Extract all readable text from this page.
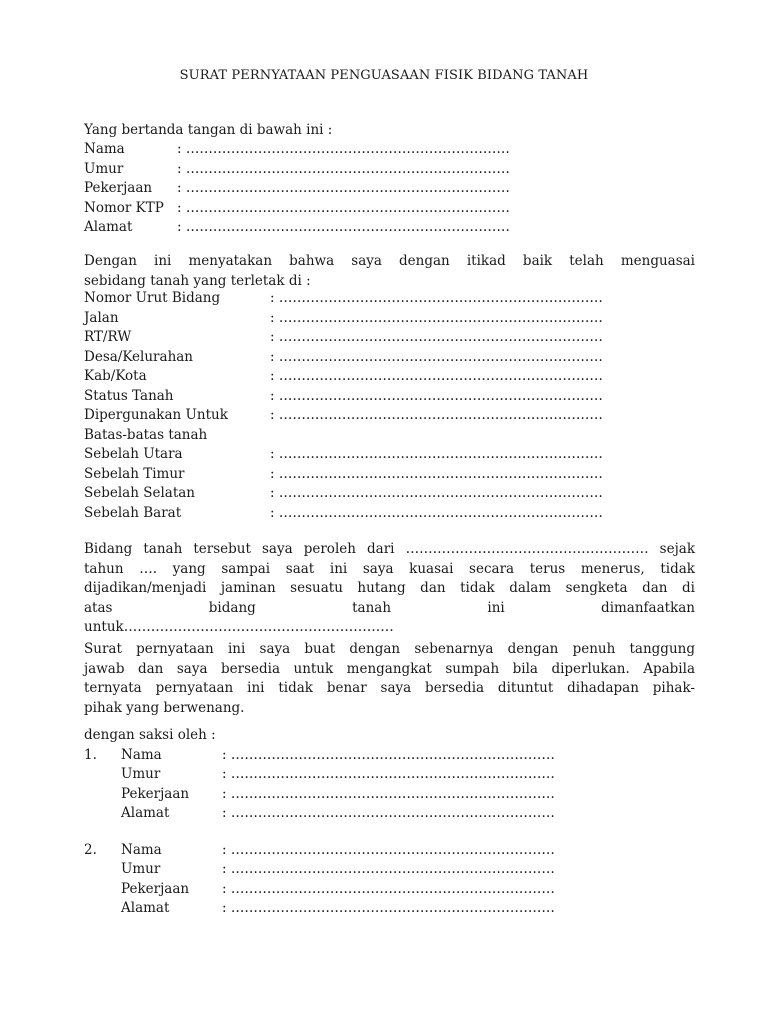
SURAT PERNYATAAN PENGUASAAN FISIK BIDANG TANAH
Yang bertanda tangan di bawah ini :
Nama	: ………………………………………………………………
Umur	: ………………………………………………………………
Pekerjaan : ………………………………………………………………
Nomor KTP : ………………………………………………………………
Alamat	: ………………………………………………………………
Dengan ini menyatakan bahwa saya dengan itikad baik telah menguasai
sebidang tanah yang terletak di :
Nomor Urut Bidang	: ………………………………………………………………
Jalan	: ………………………………………………………………
RT/RW	: ………………………………………………………………
Desa/Kelurahan	: ………………………………………………………………
Kab/Kota	: ………………………………………………………………
Status Tanah	: ………………………………………………………………
Dipergunakan Untuk	: ………………………………………………………………
Batas-batas tanah
Sebelah Utara	: ………………………………………………………………
Sebelah Timur	: ………………………………………………………………
Sebelah Selatan	: ………………………………………………………………
Sebelah Barat	: ………………………………………………………………
Bidang tanah tersebut saya peroleh dari ……………………………………………… sejak
tahun …. yang sampai saat ini saya kuasai secara terus menerus, tidak
dijadikan/menjadi jaminan sesuatu hutang dan tidak dalam sengketa dan di
atas bidang tanah ini dimanfaatkan
untuk……………………………………………………
Surat pernyataan ini saya buat dengan sebenarnya dengan penuh tanggung
jawab dan saya bersedia untuk mengangkat sumpah bila diperlukan. Apabila
ternyata pernyataan ini tidak benar saya bersedia dituntut dihadapan pihak-
pihak yang berwenang.
dengan saksi oleh :
1. Nama	: ………………………………………………………………
Umur	: ………………………………………………………………
Pekerjaan : ………………………………………………………………
Alamat	: ………………………………………………………………
2. Nama	: ………………………………………………………………
Umur	: ………………………………………………………………
Pekerjaan : ………………………………………………………………
Alamat	: ………………………………………………………………
